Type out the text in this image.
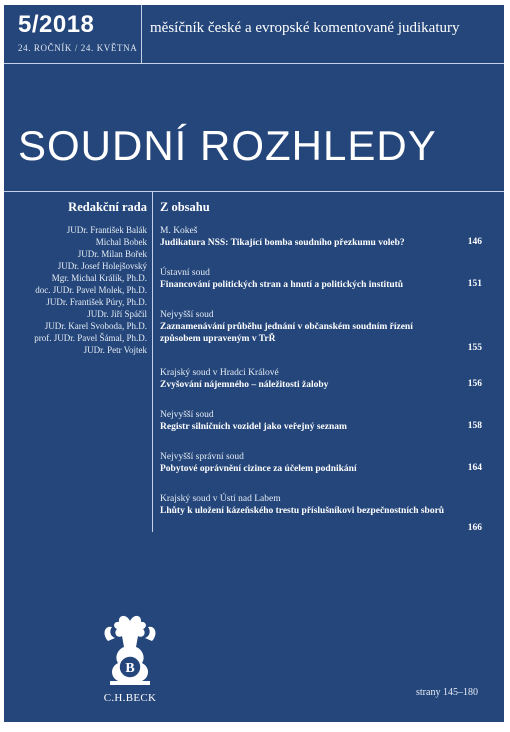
5/2018
24. ROČNÍK / 24. KVĚTNA
měsíčník české a evropské komentované judikatury
SOUDNÍ ROZHLEDY
Redakční rada
JUDr. František Balák
Michal Bobek
JUDr. Milan Bořek
JUDr. Josef Holejšovský
Mgr. Michal Králík, Ph.D.
doc. JUDr. Pavel Molek, Ph.D.
JUDr. František Púry, Ph.D.
JUDr. Jiří Spáčil
JUDr. Karel Svoboda, Ph.D.
prof. JUDr. Pavel Šámal, Ph.D.
JUDr. Petr Vojtek
Z obsahu
M. Kokeš
Judikatura NSS: Tikající bomba soudního přezkumu voleb?	146
Ústavní soud
Financování politických stran a hnutí a politických institutů	151
Nejvyšší soud
Zaznamenávání průběhu jednání v občanském soudním řízení způsobem upraveným v TrŘ
155
Krajský soud v Hradci Králové
Zvyšování nájemného – náležitosti žaloby	156
Nejvyšší soud
Registr silničních vozidel jako veřejný seznam	158
Nejvyšší správní soud
Pobytové oprávnění cizince za účelem podnikání	164
Krajský soud v Ústí nad Labem
Lhůty k uložení kázeňského trestu příslušníkovi bezpečnostních sborů
166
B
C.H.BECK	strany 145–180
